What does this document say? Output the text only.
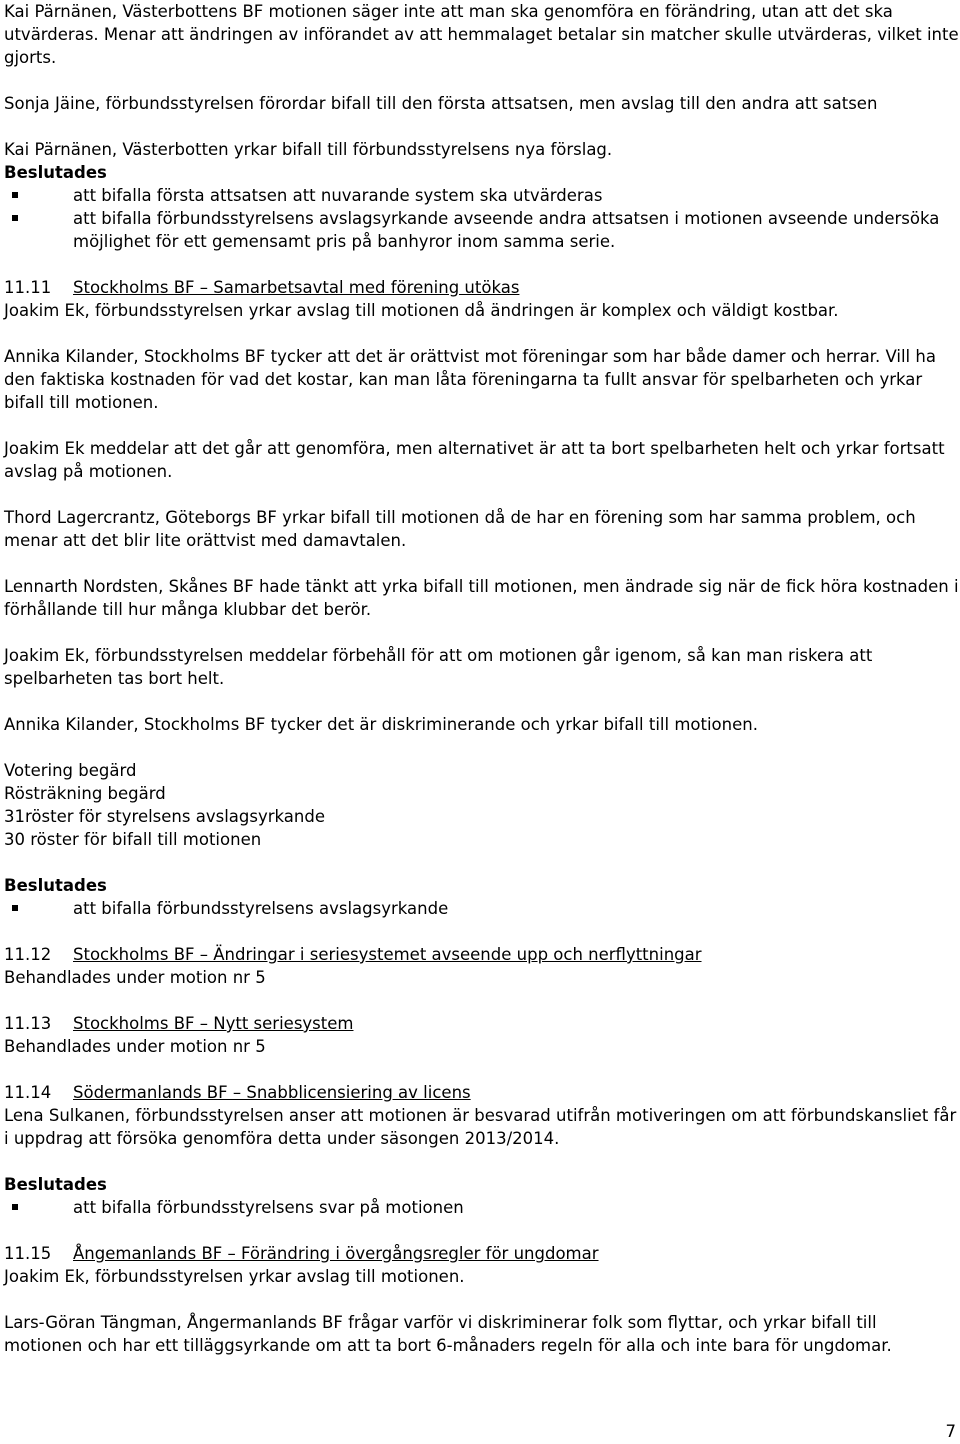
Kai Pärnänen, Västerbottens BF motionen säger inte att man ska genomföra en förändring, utan att det ska utvärderas. Menar att ändringen av införandet av att hemmalaget betalar sin matcher skulle utvärderas, vilket inte gjorts.

Sonja Jäine, förbundsstyrelsen förordar bifall till den första attsatsen, men avslag till den andra att satsen

Kai Pärnänen, Västerbotten yrkar bifall till förbundsstyrelsens nya förslag.

Beslutades

att bifalla första attsatsen att nuvarande system ska utvärderas
att bifalla förbundsstyrelsens avslagsyrkande avseende andra attsatsen i motionen avseende undersöka möjlighet för ett gemensamt pris på banhyror inom samma serie.

11.11 Stockholms BF – Samarbetsavtal med förening utökas

Joakim Ek, förbundsstyrelsen yrkar avslag till motionen då ändringen är komplex och väldigt kostbar.

Annika Kilander, Stockholms BF tycker att det är orättvist mot föreningar som har både damer och herrar. Vill ha den faktiska kostnaden för vad det kostar, kan man låta föreningarna ta fullt ansvar för spelbarheten och yrkar bifall till motionen.

Joakim Ek meddelar att det går att genomföra, men alternativet är att ta bort spelbarheten helt och yrkar fortsatt avslag på motionen.

Thord Lagercrantz, Göteborgs BF yrkar bifall till motionen då de har en förening som har samma problem, och menar att det blir lite orättvist med damavtalen.

Lennarth Nordsten, Skånes BF hade tänkt att yrka bifall till motionen, men ändrade sig när de fick höra kostnaden i förhållande till hur många klubbar det berör.

Joakim Ek, förbundsstyrelsen meddelar förbehåll för att om motionen går igenom, så kan man riskera att spelbarheten tas bort helt.

Annika Kilander, Stockholms BF tycker det är diskriminerande och yrkar bifall till motionen.

Votering begärd

Rösträkning begärd

31röster för styrelsens avslagsyrkande

30 röster för bifall till motionen

Beslutades

att bifalla förbundsstyrelsens avslagsyrkande

11.12 Stockholms BF – Ändringar i seriesystemet avseende upp och nerflyttningar

Behandlades under motion nr 5

11.13 Stockholms BF – Nytt seriesystem

Behandlades under motion nr 5

11.14 Södermanlands BF – Snabblicensiering av licens

Lena Sulkanen, förbundsstyrelsen anser att motionen är besvarad utifrån motiveringen om att förbundskansliet får i uppdrag att försöka genomföra detta under säsongen 2013/2014.

Beslutades

att bifalla förbundsstyrelsens svar på motionen

11.15 Ångemanlands BF – Förändring i övergångsregler för ungdomar

Joakim Ek, förbundsstyrelsen yrkar avslag till motionen.

Lars-Göran Tängman, Ångermanlands BF frågar varför vi diskriminerar folk som flyttar, och yrkar bifall till motionen och har ett tilläggsyrkande om att ta bort 6-månaders regeln för alla och inte bara för ungdomar.

7
